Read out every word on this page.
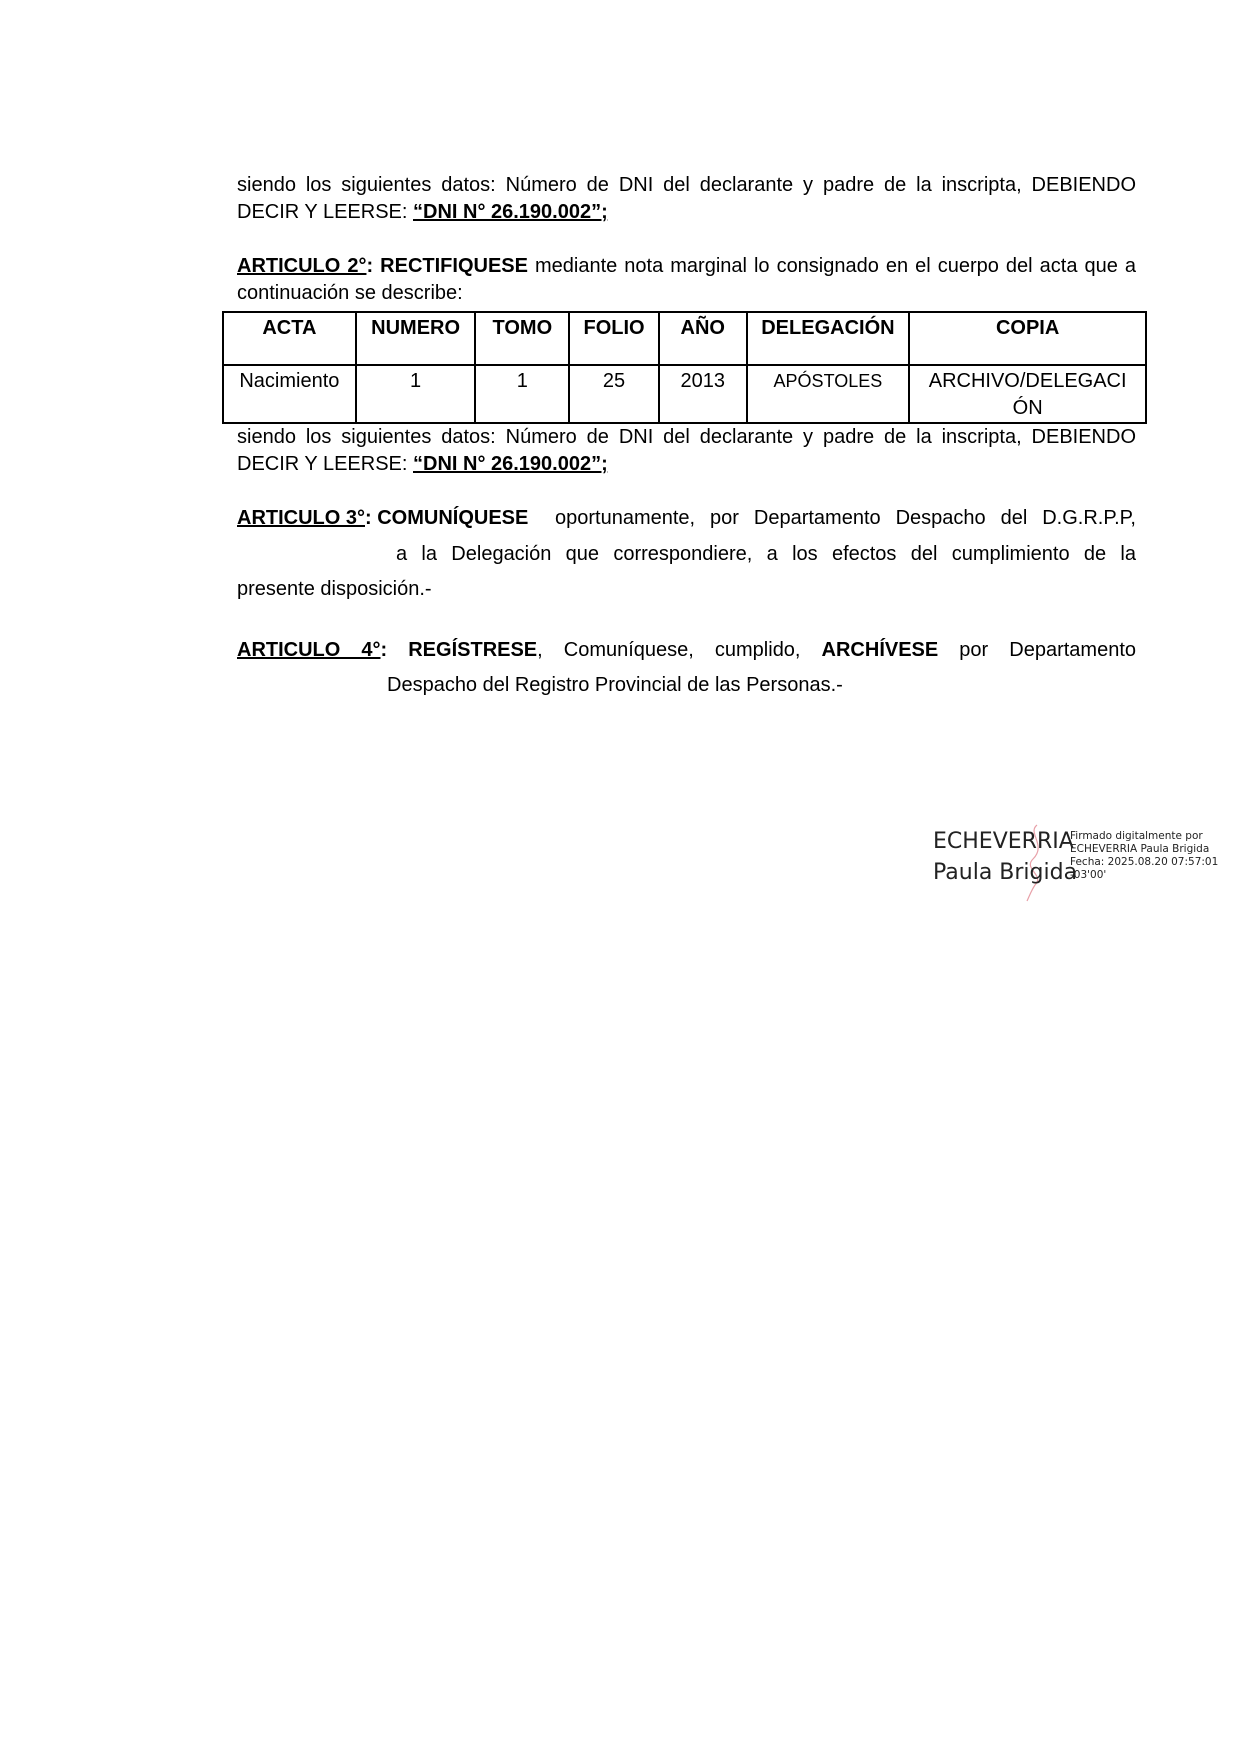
siendo los siguientes datos: Número de DNI del declarante y padre de la inscripta, DEBIENDO DECIR Y LEERSE: “DNI N° 26.190.002”;

ARTICULO 2°: RECTIFIQUESE mediante nota marginal lo consignado en el cuerpo del acta que a continuación se describe:

ACTA	NUMERO	TOMO	FOLIO	AÑO	DELEGACIÓN	COPIA
Nacimiento	1	1	25	2013	APÓSTOLES	ARCHIVO/DELEGACI ÓN

siendo los siguientes datos: Número de DNI del declarante y padre de la inscripta, DEBIENDO DECIR Y LEERSE: “DNI N° 26.190.002”;

ARTICULO 3°: COMUNÍQUESE oportunamente, por Departamento Despacho del D.G.R.P.P,
a la Delegación que correspondiere, a los efectos del cumplimiento de la
presente disposición.-
ARTICULO 4°: REGÍSTRESE, Comuníquese, cumplido, ARCHÍVESE por Departamento
Despacho del Registro Provincial de las Personas.-
ECHEVERRIA
Paula Brigida
Firmado digitalmente por
ECHEVERRIA Paula Brigida
Fecha: 2025.08.20 07:57:01
-03'00'
